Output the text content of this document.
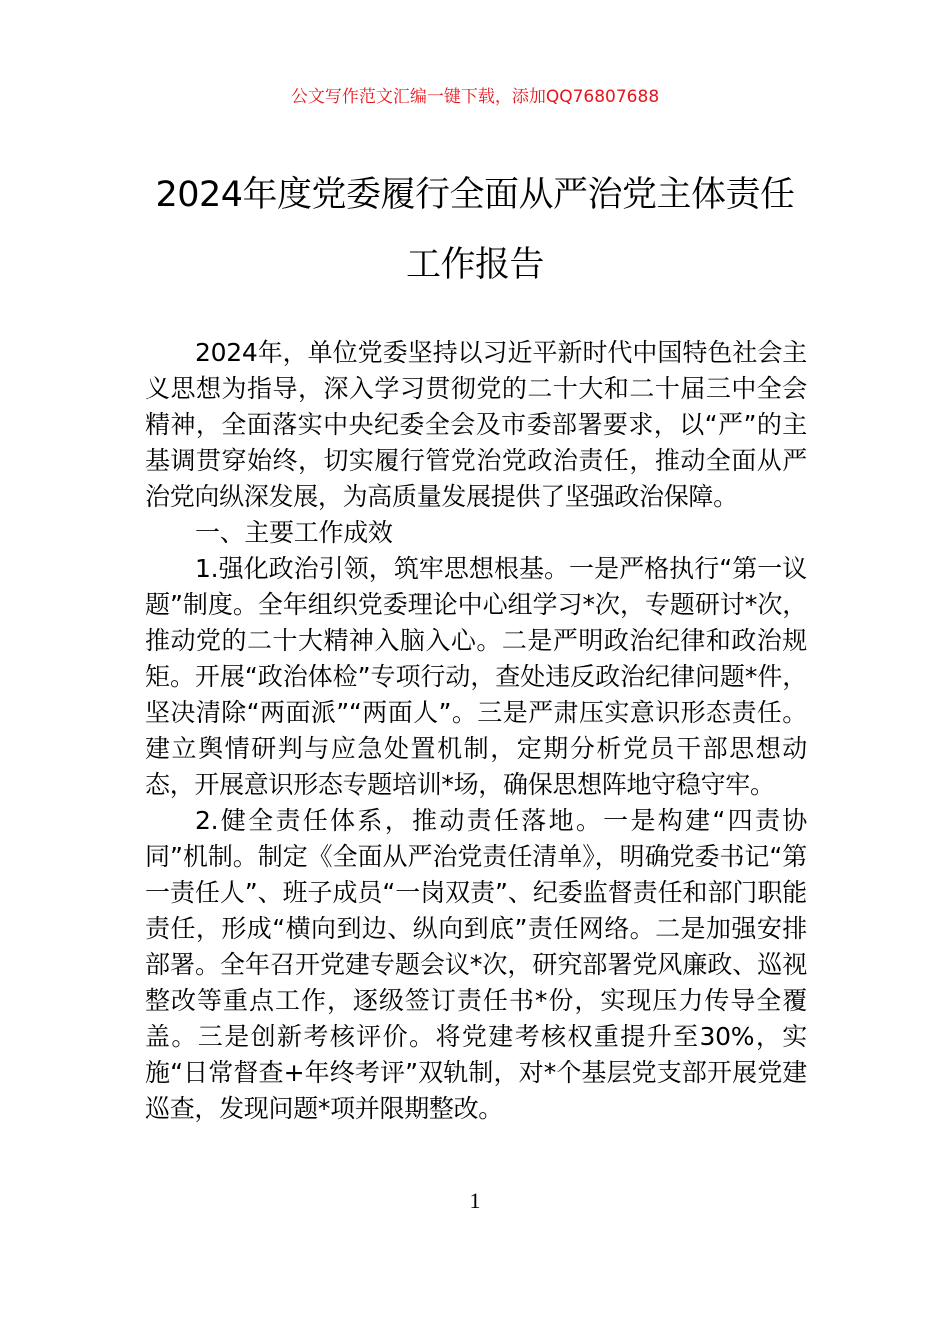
公文写作范文汇编一键下载，添加QQ76807688
2024年度党委履行全面从严治党主体责任
工作报告

2024年，单位党委坚持以习近平新时代中国特色社会主义思想为指导，深入学习贯彻党的二十大和二十届三中全会精神，全面落实中央纪委全会及市委部署要求，以“严”的主基调贯穿始终，切实履行管党治党政治责任，推动全面从严治党向纵深发展，为高质量发展提供了坚强政治保障。

一、主要工作成效

1.强化政治引领，筑牢思想根基。一是严格执行“第一议题”制度。全年组织党委理论中心组学习*次，专题研讨*次，推动党的二十大精神入脑入心。二是严明政治纪律和政治规矩。开展“政治体检”专项行动，查处违反政治纪律问题*件，坚决清除“两面派”“两面人”。三是严肃压实意识形态责任。建立舆情研判与应急处置机制，定期分析党员干部思想动态，开展意识形态专题培训*场，确保思想阵地守稳守牢。

2.健全责任体系，推动责任落地。一是构建“四责协同”机制。制定《全面从严治党责任清单》，明确党委书记“第一责任人”、班子成员“一岗双责”、纪委监督责任和部门职能责任，形成“横向到边、纵向到底”责任网络。二是加强安排部署。全年召开党建专题会议*次，研究部署党风廉政、巡视整改等重点工作，逐级签订责任书*份，实现压力传导全覆盖。三是创新考核评价。将党建考核权重提升至30%，实施“日常督查+年终考评”双轨制，对*个基层党支部开展党建巡查，发现问题*项并限期整改。

1
